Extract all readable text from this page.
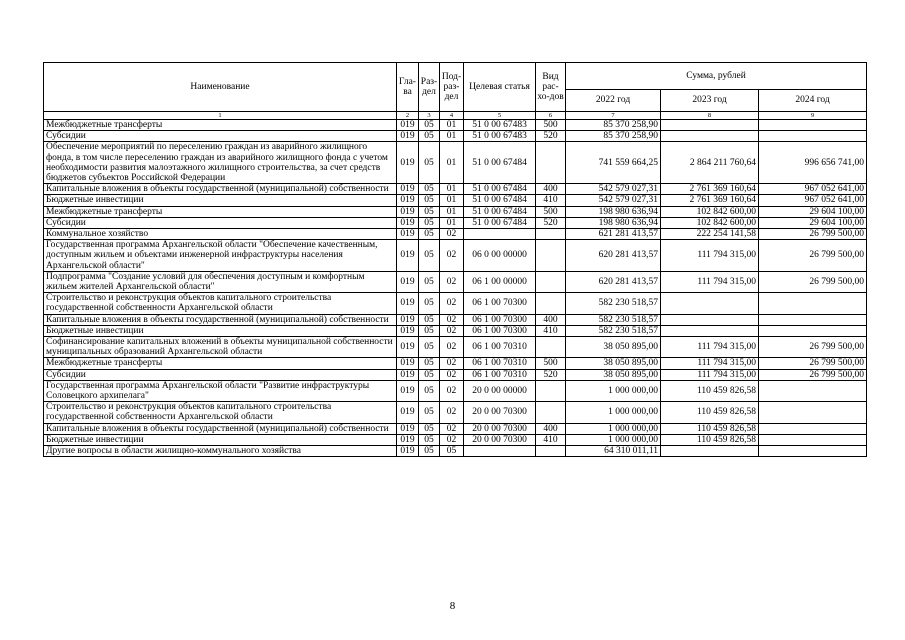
Наименование	Гла-ва	Раз-дел	Под-раз-дел	Целевая статья	Вид рас-хо-дов	Сумма, рублей		
						2022 год	2023 год	2024 год
1	2	3	4	5	6	7	8	9
Межбюджетные трансферты	019	05	01	51 0 00 67483	500	85 370 258,90		
Субсидии	019	05	01	51 0 00 67483	520	85 370 258,90		
Обеспечение мероприятий по переселению граждан из аварийного жилищного фонда, в том числе переселению граждан из аварийного жилищного фонда с учетом необходимости развития малоэтажного жилищного строительства, за счет средств бюджетов субъектов Российской Федерации	019	05	01	51 0 00 67484		741 559 664,25	2 864 211 760,64	996 656 741,00
Капитальные вложения в объекты государственной (муниципальной) собственности	019	05	01	51 0 00 67484	400	542 579 027,31	2 761 369 160,64	967 052 641,00
Бюджетные инвестиции	019	05	01	51 0 00 67484	410	542 579 027,31	2 761 369 160,64	967 052 641,00
Межбюджетные трансферты	019	05	01	51 0 00 67484	500	198 980 636,94	102 842 600,00	29 604 100,00
Субсидии	019	05	01	51 0 00 67484	520	198 980 636,94	102 842 600,00	29 604 100,00
Коммунальное хозяйство	019	05	02			621 281 413,57	222 254 141,58	26 799 500,00
Государственная программа Архангельской области "Обеспечение качественным, доступным жильем и объектами инженерной инфраструктуры населения Архангельской области"	019	05	02	06 0 00 00000		620 281 413,57	111 794 315,00	26 799 500,00
Подпрограмма "Создание условий для обеспечения доступным и комфортным жильем жителей Архангельской области"	019	05	02	06 1 00 00000		620 281 413,57	111 794 315,00	26 799 500,00
Строительство и реконструкция объектов капитального строительства государственной собственности Архангельской области	019	05	02	06 1 00 70300		582 230 518,57		
Капитальные вложения в объекты государственной (муниципальной) собственности	019	05	02	06 1 00 70300	400	582 230 518,57		
Бюджетные инвестиции	019	05	02	06 1 00 70300	410	582 230 518,57		
Софинансирование капитальных вложений в объекты муниципальной собственности муниципальных образований Архангельской области	019	05	02	06 1 00 70310		38 050 895,00	111 794 315,00	26 799 500,00
Межбюджетные трансферты	019	05	02	06 1 00 70310	500	38 050 895,00	111 794 315,00	26 799 500,00
Субсидии	019	05	02	06 1 00 70310	520	38 050 895,00	111 794 315,00	26 799 500,00
Государственная программа Архангельской области "Развитие инфраструктуры Соловецкого архипелага"	019	05	02	20 0 00 00000		1 000 000,00	110 459 826,58	
Строительство и реконструкция объектов капитального строительства государственной собственности Архангельской области	019	05	02	20 0 00 70300		1 000 000,00	110 459 826,58	
Капитальные вложения в объекты государственной (муниципальной) собственности	019	05	02	20 0 00 70300	400	1 000 000,00	110 459 826,58	
Бюджетные инвестиции	019	05	02	20 0 00 70300	410	1 000 000,00	110 459 826,58	
Другие вопросы в области жилищно-коммунального хозяйства	019	05	05			64 310 011,11		
8
